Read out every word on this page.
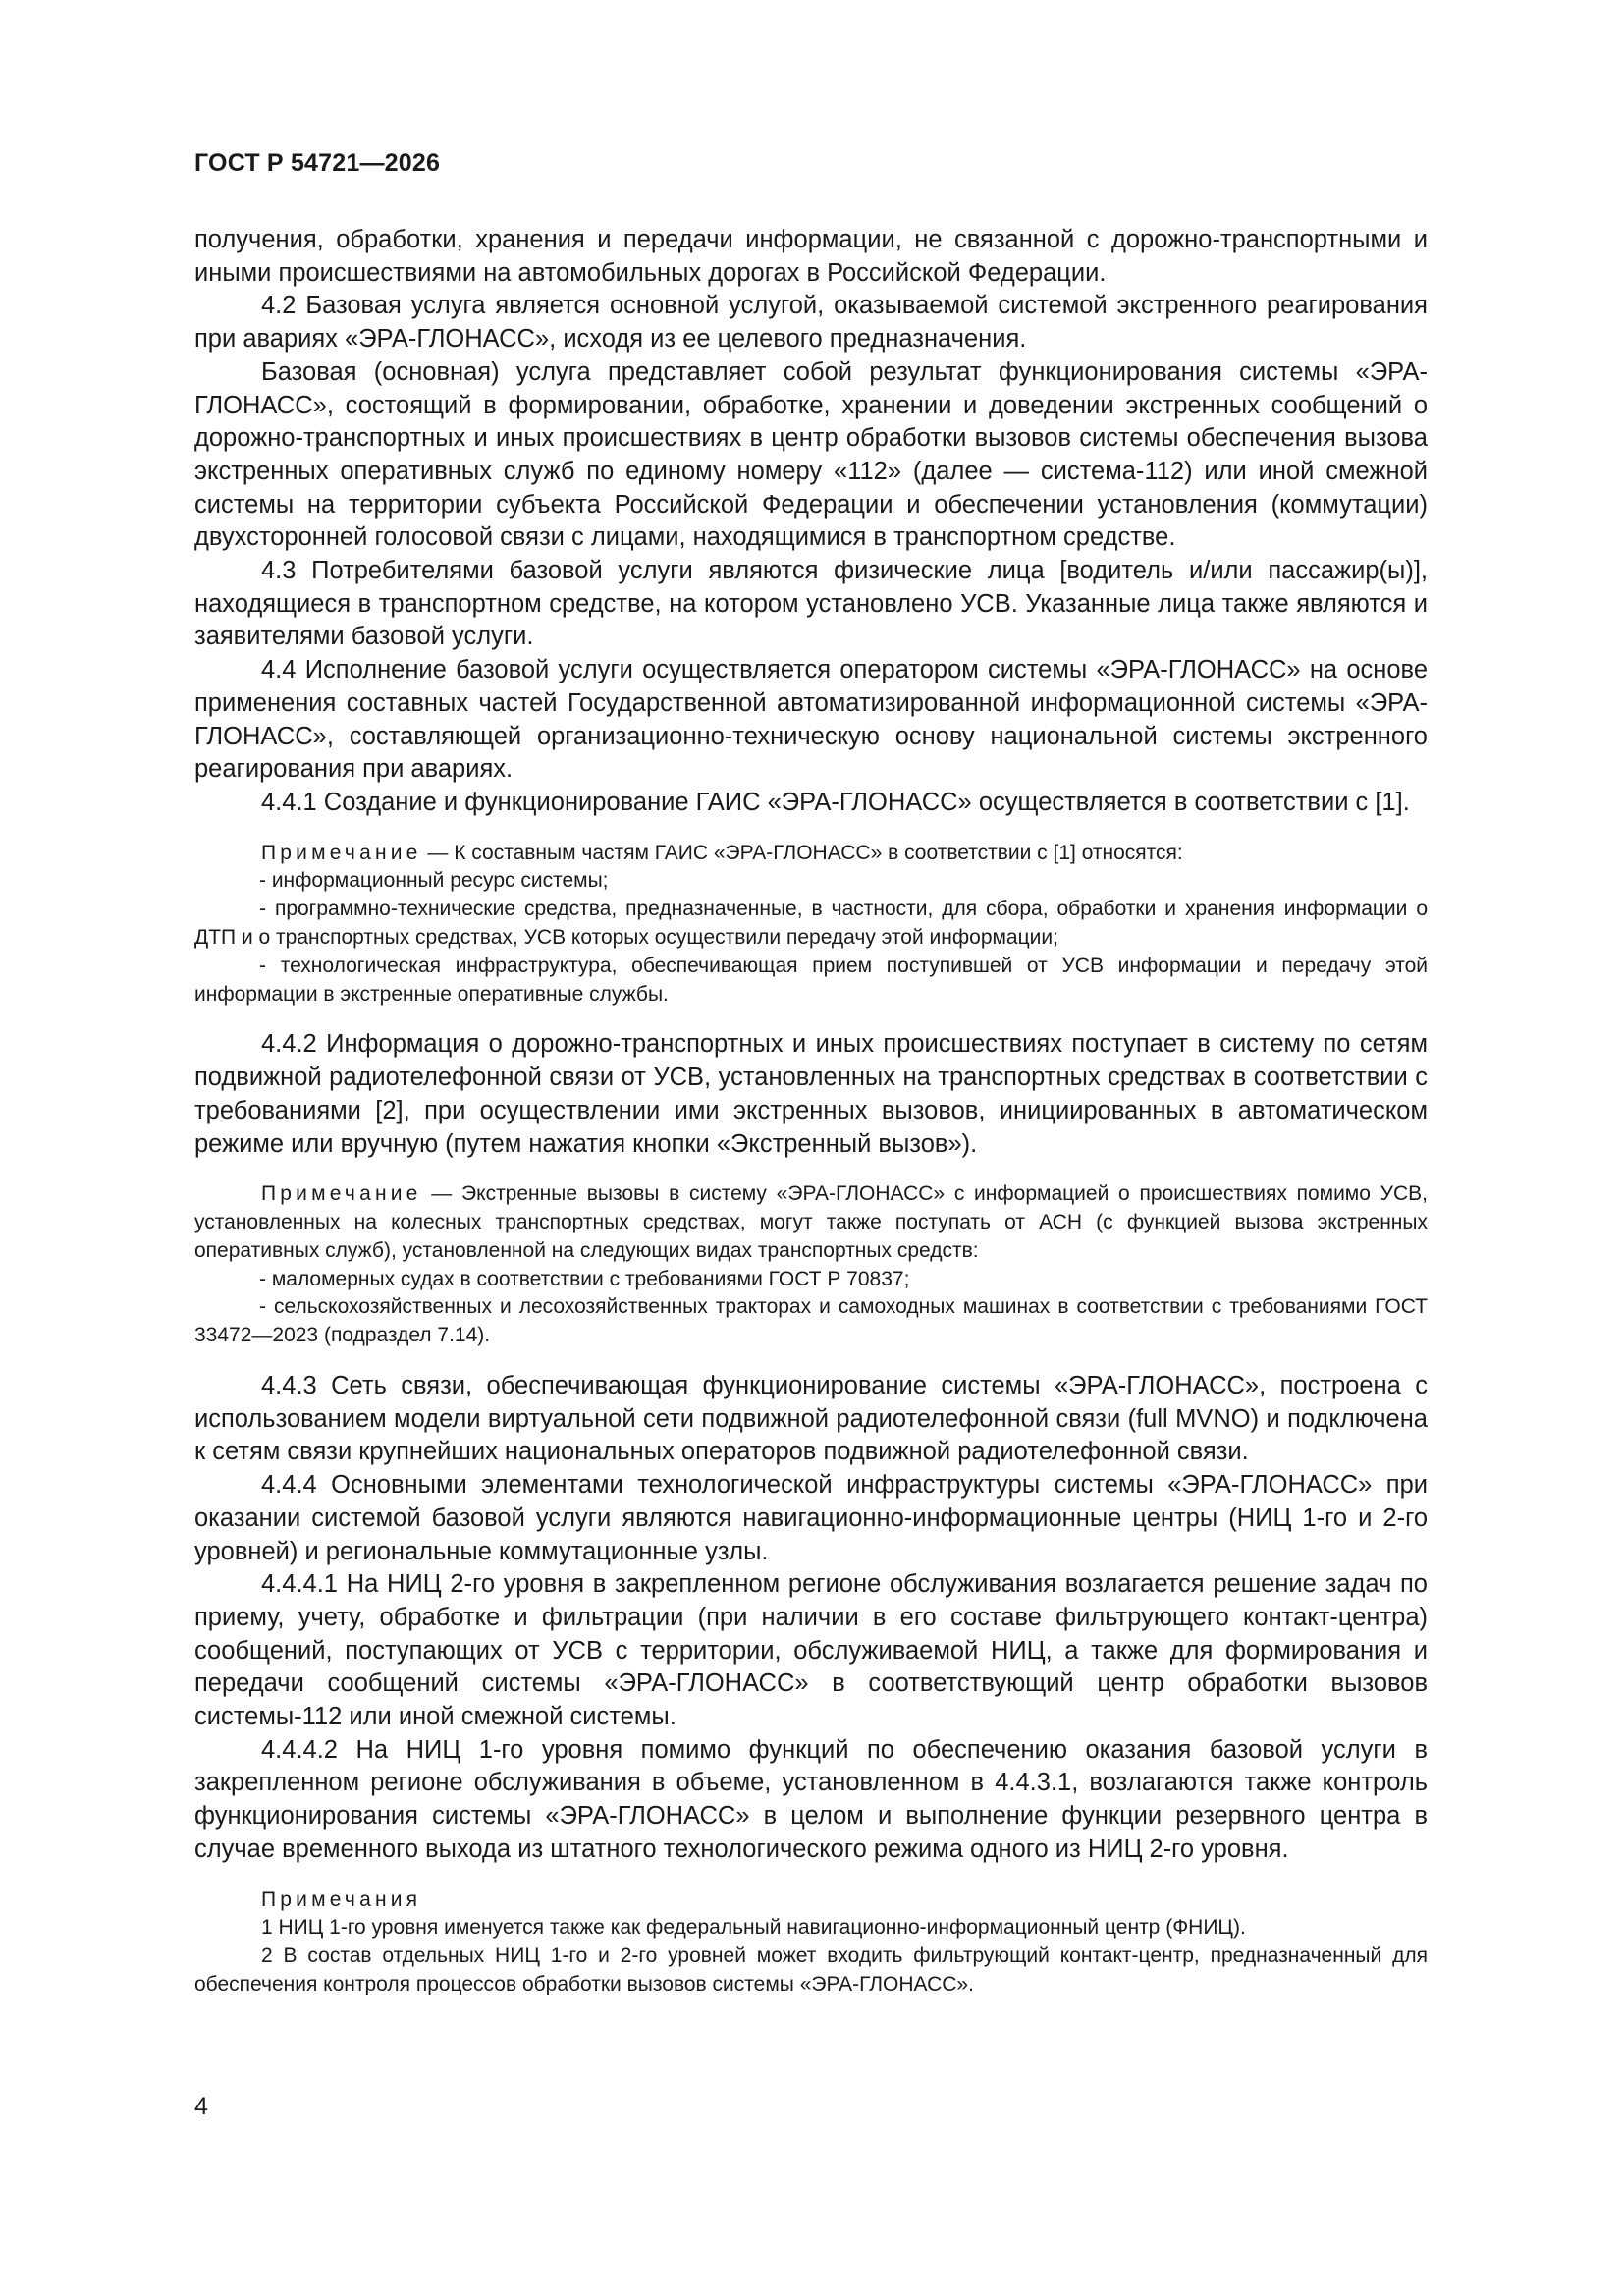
ГОСТ Р 54721—2026

получения, обработки, хранения и передачи информации, не связанной с дорожно-транспортными и иными происшествиями на автомобильных дорогах в Российской Федерации.

4.2 Базовая услуга является основной услугой, оказываемой системой экстренного реагирования при авариях «ЭРА-ГЛОНАСС», исходя из ее целевого предназначения.

Базовая (основная) услуга представляет собой результат функционирования системы «ЭРА-ГЛОНАСС», состоящий в формировании, обработке, хранении и доведении экстренных сообщений о дорожно-транспортных и иных происшествиях в центр обработки вызовов системы обеспечения вызова экстренных оперативных служб по единому номеру «112» (далее — система-112) или иной смежной системы на территории субъекта Российской Федерации и обеспечении установления (коммутации) двухсторонней голосовой связи с лицами, находящимися в транспортном средстве.

4.3 Потребителями базовой услуги являются физические лица [водитель и/или пассажир(ы)], находящиеся в транспортном средстве, на котором установлено УСВ. Указанные лица также являются и заявителями базовой услуги.

4.4 Исполнение базовой услуги осуществляется оператором системы «ЭРА-ГЛОНАСС» на основе применения составных частей Государственной автоматизированной информационной системы «ЭРА-ГЛОНАСС», составляющей организационно-техническую основу национальной системы экстренного реагирования при авариях.

4.4.1 Создание и функционирование ГАИС «ЭРА-ГЛОНАСС» осуществляется в соответствии с [1].

Примечание — К составным частям ГАИС «ЭРА-ГЛОНАСС» в соответствии с [1] относятся:

- информационный ресурс системы;

- программно-технические средства, предназначенные, в частности, для сбора, обработки и хранения информации о ДТП и о транспортных средствах, УСВ которых осуществили передачу этой информации;

- технологическая инфраструктура, обеспечивающая прием поступившей от УСВ информации и передачу этой информации в экстренные оперативные службы.

4.4.2 Информация о дорожно-транспортных и иных происшествиях поступает в систему по сетям подвижной радиотелефонной связи от УСВ, установленных на транспортных средствах в соответствии с требованиями [2], при осуществлении ими экстренных вызовов, инициированных в автоматическом режиме или вручную (путем нажатия кнопки «Экстренный вызов»).

Примечание — Экстренные вызовы в систему «ЭРА-ГЛОНАСС» с информацией о происшествиях помимо УСВ, установленных на колесных транспортных средствах, могут также поступать от АСН (с функцией вызова экстренных оперативных служб), установленной на следующих видах транспортных средств:

- маломерных судах в соответствии с требованиями ГОСТ Р 70837;

- сельскохозяйственных и лесохозяйственных тракторах и самоходных машинах в соответствии с требованиями ГОСТ 33472—2023 (подраздел 7.14).

4.4.3 Сеть связи, обеспечивающая функционирование системы «ЭРА-ГЛОНАСС», построена с использованием модели виртуальной сети подвижной радиотелефонной связи (full MVNO) и подключена к сетям связи крупнейших национальных операторов подвижной радиотелефонной связи.

4.4.4 Основными элементами технологической инфраструктуры системы «ЭРА-ГЛОНАСС» при оказании системой базовой услуги являются навигационно-информационные центры (НИЦ 1-го и 2-го уровней) и региональные коммутационные узлы.

4.4.4.1 На НИЦ 2-го уровня в закрепленном регионе обслуживания возлагается решение задач по приему, учету, обработке и фильтрации (при наличии в его составе фильтрующего контакт-центра) сообщений, поступающих от УСВ с территории, обслуживаемой НИЦ, а также для формирования и передачи сообщений системы «ЭРА-ГЛОНАСС» в соответствующий центр обработки вызовов системы-112 или иной смежной системы.

4.4.4.2 На НИЦ 1-го уровня помимо функций по обеспечению оказания базовой услуги в закрепленном регионе обслуживания в объеме, установленном в 4.4.3.1, возлагаются также контроль функционирования системы «ЭРА-ГЛОНАСС» в целом и выполнение функции резервного центра в случае временного выхода из штатного технологического режима одного из НИЦ 2-го уровня.

Примечания

1 НИЦ 1-го уровня именуется также как федеральный навигационно-информационный центр (ФНИЦ).

2 В состав отдельных НИЦ 1-го и 2-го уровней может входить фильтрующий контакт-центр, предназначенный для обеспечения контроля процессов обработки вызовов системы «ЭРА-ГЛОНАСС».

4
